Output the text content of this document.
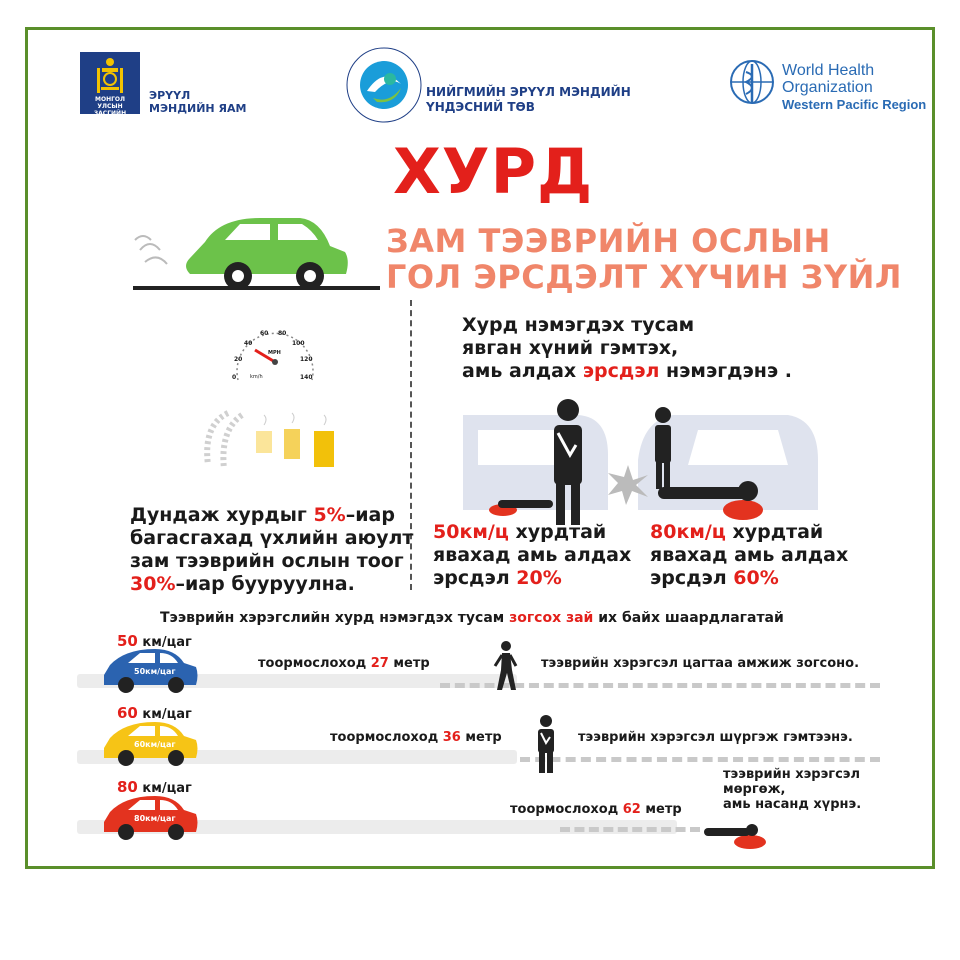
МОНГОЛ УЛСЫН ЗАСГИЙН ГАЗАР
ЭРҮҮЛ
МЭНДИЙН ЯАМ
НИЙГМИЙН ЭРҮҮЛ МЭНДИЙН
ҮНДЭСНИЙ ТӨВ
World Health
Organization
Western Pacific Region
ХУРД
ЗАМ ТЭЭВРИЙН ОСЛЫН
ГОЛ ЭРСДЭЛТ ХҮЧИН ЗҮЙЛ
0
20
40
60 80
100
120
140
MPH
km/h
Дундаж хурдыг 5%–иар
багасгахад үхлийн аюулт
зам тээврийн ослын тоог
30%–иар бууруулна.
Хурд нэмэгдэх тусам
явган хүний гэмтэх,
амь алдах эрсдэл нэмэгдэнэ .
50км/ц хурдтай
явахад амь алдах
эрсдэл 20%
80км/ц хурдтай
явахад амь алдах
эрсдэл 60%
Тээврийн хэрэгслийн хурд нэмэгдэх тусам зогсох зай их байх шаардлагатай
50 км/цаг
50км/цаг
тоормослоход 27 метр	тээврийн хэрэгсэл цагтаа амжиж зогсоно.
60 км/цаг
60км/цаг	тоормослоход 36 метр	тээврийн хэрэгсэл шүргэж гэмтээнэ.
80 км/цаг
80км/цаг
тоормослоход 62 метр
тээврийн хэрэгсэл
мөргөж,
амь насанд хүрнэ.
